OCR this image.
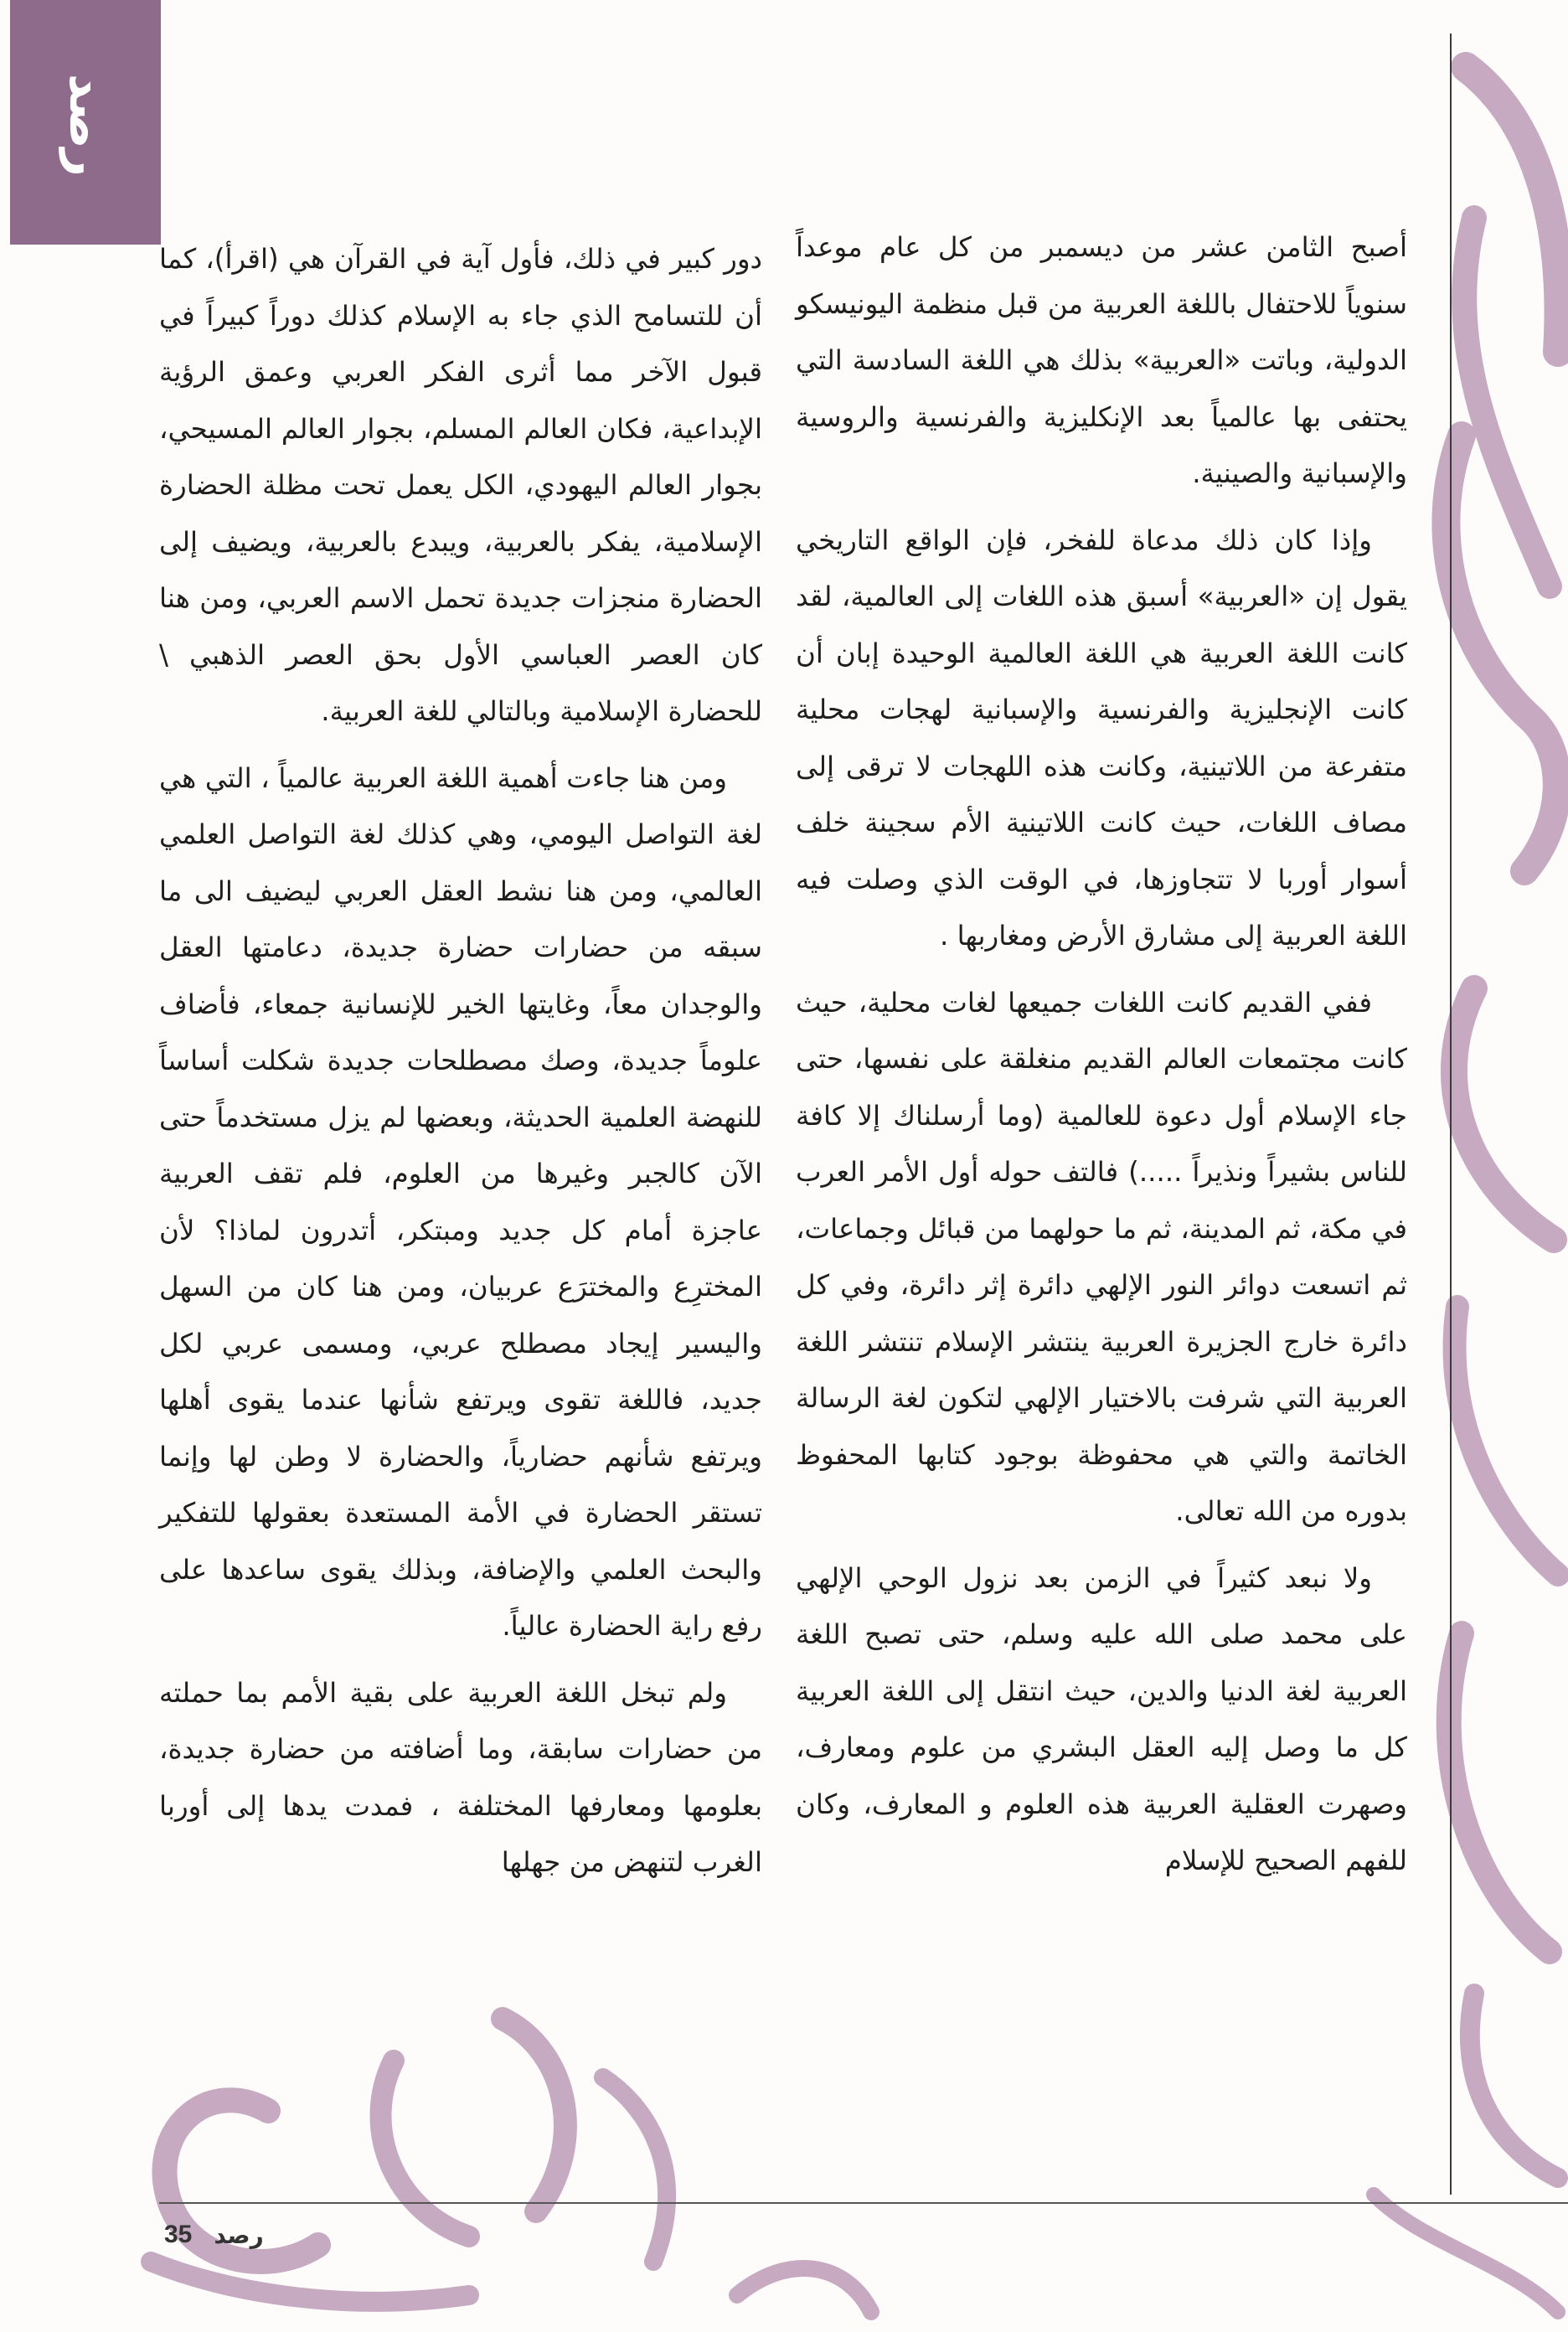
رصد

أصبح الثامن عشر من ديسمبر من كل عام موعداً سنوياً للاحتفال باللغة العربية من قبل منظمة اليونيسكو الدولية، وباتت «العربية» بذلك هي اللغة السادسة التي يحتفى بها عالمياً بعد الإنكليزية والفرنسية والروسية والإسبانية والصينية.

وإذا كان ذلك مدعاة للفخر، فإن الواقع التاريخي يقول إن «العربية» أسبق هذه اللغات إلى العالمية، لقد كانت اللغة العربية هي اللغة العالمية الوحيدة إبان أن كانت الإنجليزية والفرنسية والإسبانية لهجات محلية متفرعة من اللاتينية، وكانت هذه اللهجات لا ترقى إلى مصاف اللغات، حيث كانت اللاتينية الأم سجينة خلف أسوار أوربا لا تتجاوزها، في الوقت الذي وصلت فيه اللغة العربية إلى مشارق الأرض ومغاربها .

ففي القديم كانت اللغات جميعها لغات محلية، حيث كانت مجتمعات العالم القديم منغلقة على نفسها، حتى جاء الإسلام أول دعوة للعالمية (وما أرسلناك إلا كافة للناس بشيراً ونذيراً .....) فالتف حوله أول الأمر العرب في مكة، ثم المدينة، ثم ما حولهما من قبائل وجماعات، ثم اتسعت دوائر النور الإلهي دائرة إثر دائرة، وفي كل دائرة خارج الجزيرة العربية ينتشر الإسلام تنتشر اللغة العربية التي شرفت بالاختيار الإلهي لتكون لغة الرسالة الخاتمة والتي هي محفوظة بوجود كتابها المحفوظ بدوره من الله تعالى.

ولا نبعد كثيراً في الزمن بعد نزول الوحي الإلهي على محمد صلى الله عليه وسلم، حتى تصبح اللغة العربية لغة الدنيا والدين، حيث انتقل إلى اللغة العربية كل ما وصل إليه العقل البشري من علوم ومعارف، وصهرت العقلية العربية هذه العلوم و المعارف، وكان للفهم الصحيح للإسلام

دور كبير في ذلك، فأول آية في القرآن هي (اقرأ)، كما أن للتسامح الذي جاء به الإسلام كذلك دوراً كبيراً في قبول الآخر مما أثرى الفكر العربي وعمق الرؤية الإبداعية، فكان العالم المسلم، بجوار العالم المسيحي، بجوار العالم اليهودي، الكل يعمل تحت مظلة الحضارة الإسلامية، يفكر بالعربية، ويبدع بالعربية، ويضيف إلى الحضارة منجزات جديدة تحمل الاسم العربي، ومن هنا كان العصر العباسي الأول بحق العصر الذهبي \ للحضارة الإسلامية وبالتالي للغة العربية.

ومن هنا جاءت أهمية اللغة العربية عالمياً ، التي هي لغة التواصل اليومي، وهي كذلك لغة التواصل العلمي العالمي، ومن هنا نشط العقل العربي ليضيف الى ما سبقه من حضارات حضارة جديدة، دعامتها العقل والوجدان معاً، وغايتها الخير للإنسانية جمعاء، فأضاف علوماً جديدة، وصك مصطلحات جديدة شكلت أساساً للنهضة العلمية الحديثة، وبعضها لم يزل مستخدماً حتى الآن كالجبر وغيرها من العلوم، فلم تقف العربية عاجزة أمام كل جديد ومبتكر، أتدرون لماذا؟ لأن المخترِع والمخترَع عربيان، ومن هنا كان من السهل واليسير إيجاد مصطلح عربي، ومسمى عربي لكل جديد، فاللغة تقوى ويرتفع شأنها عندما يقوى أهلها ويرتفع شأنهم حضارياً، والحضارة لا وطن لها وإنما تستقر الحضارة في الأمة المستعدة بعقولها للتفكير والبحث العلمي والإضافة، وبذلك يقوى ساعدها على رفع راية الحضارة عالياً.

ولم تبخل اللغة العربية على بقية الأمم بما حملته من حضارات سابقة، وما أضافته من حضارة جديدة، بعلومها ومعارفها المختلفة ، فمدت يدها إلى أوربا الغرب لتنهض من جهلها

35 رصد
